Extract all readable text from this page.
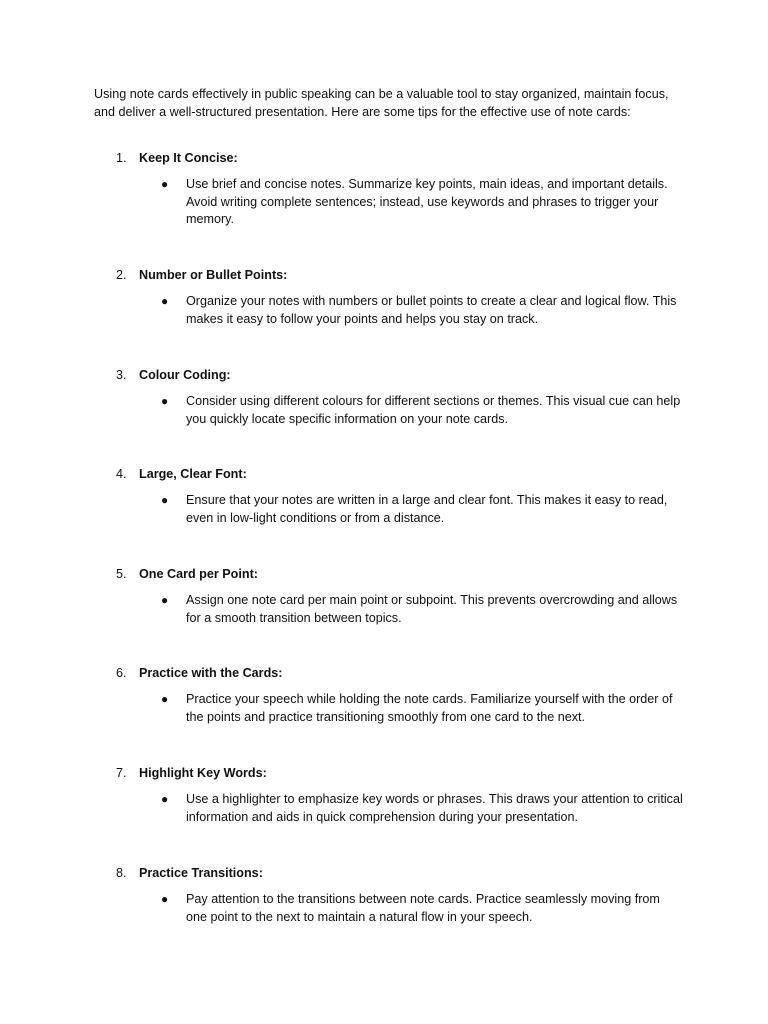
Using note cards effectively in public speaking can be a valuable tool to stay organized, maintain focus, and deliver a well-structured presentation. Here are some tips for the effective use of note cards:

1. Keep It Concise:
● Use brief and concise notes. Summarize key points, main ideas, and important details. Avoid writing complete sentences; instead, use keywords and phrases to trigger your memory.
2. Number or Bullet Points:
● Organize your notes with numbers or bullet points to create a clear and logical flow. This makes it easy to follow your points and helps you stay on track.
3. Colour Coding:
● Consider using different colours for different sections or themes. This visual cue can help you quickly locate specific information on your note cards.
4. Large, Clear Font:
● Ensure that your notes are written in a large and clear font. This makes it easy to read, even in low-light conditions or from a distance.
5. One Card per Point:
● Assign one note card per main point or subpoint. This prevents overcrowding and allows for a smooth transition between topics.
6. Practice with the Cards:
● Practice your speech while holding the note cards. Familiarize yourself with the order of the points and practice transitioning smoothly from one card to the next.
7. Highlight Key Words:
● Use a highlighter to emphasize key words or phrases. This draws your attention to critical information and aids in quick comprehension during your presentation.
8. Practice Transitions:
● Pay attention to the transitions between note cards. Practice seamlessly moving from one point to the next to maintain a natural flow in your speech.
